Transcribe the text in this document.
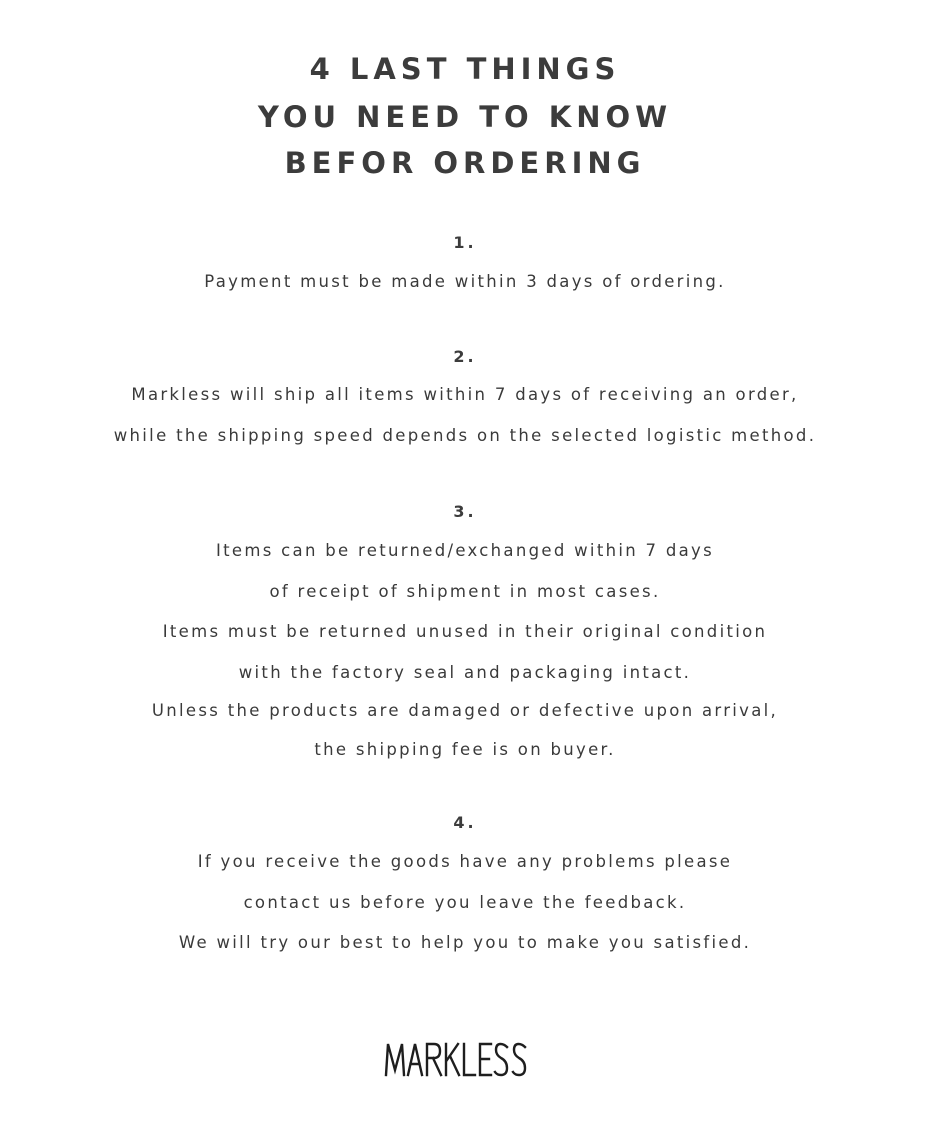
4 LAST THINGS
YOU NEED TO KNOW
BEFOR ORDERING
1.
Payment must be made within 3 days of ordering.
2.
Markless will ship all items within 7 days of receiving an order,
while the shipping speed depends on the selected logistic method.
3.
Items can be returned/exchanged within 7 days
of receipt of shipment in most cases.
Items must be returned unused in their original condition
with the factory seal and packaging intact.
Unless the products are damaged or defective upon arrival,
the shipping fee is on buyer.
4.
If you receive the goods have any problems please
contact us before you leave the feedback.
We will try our best to help you to make you satisfied.
